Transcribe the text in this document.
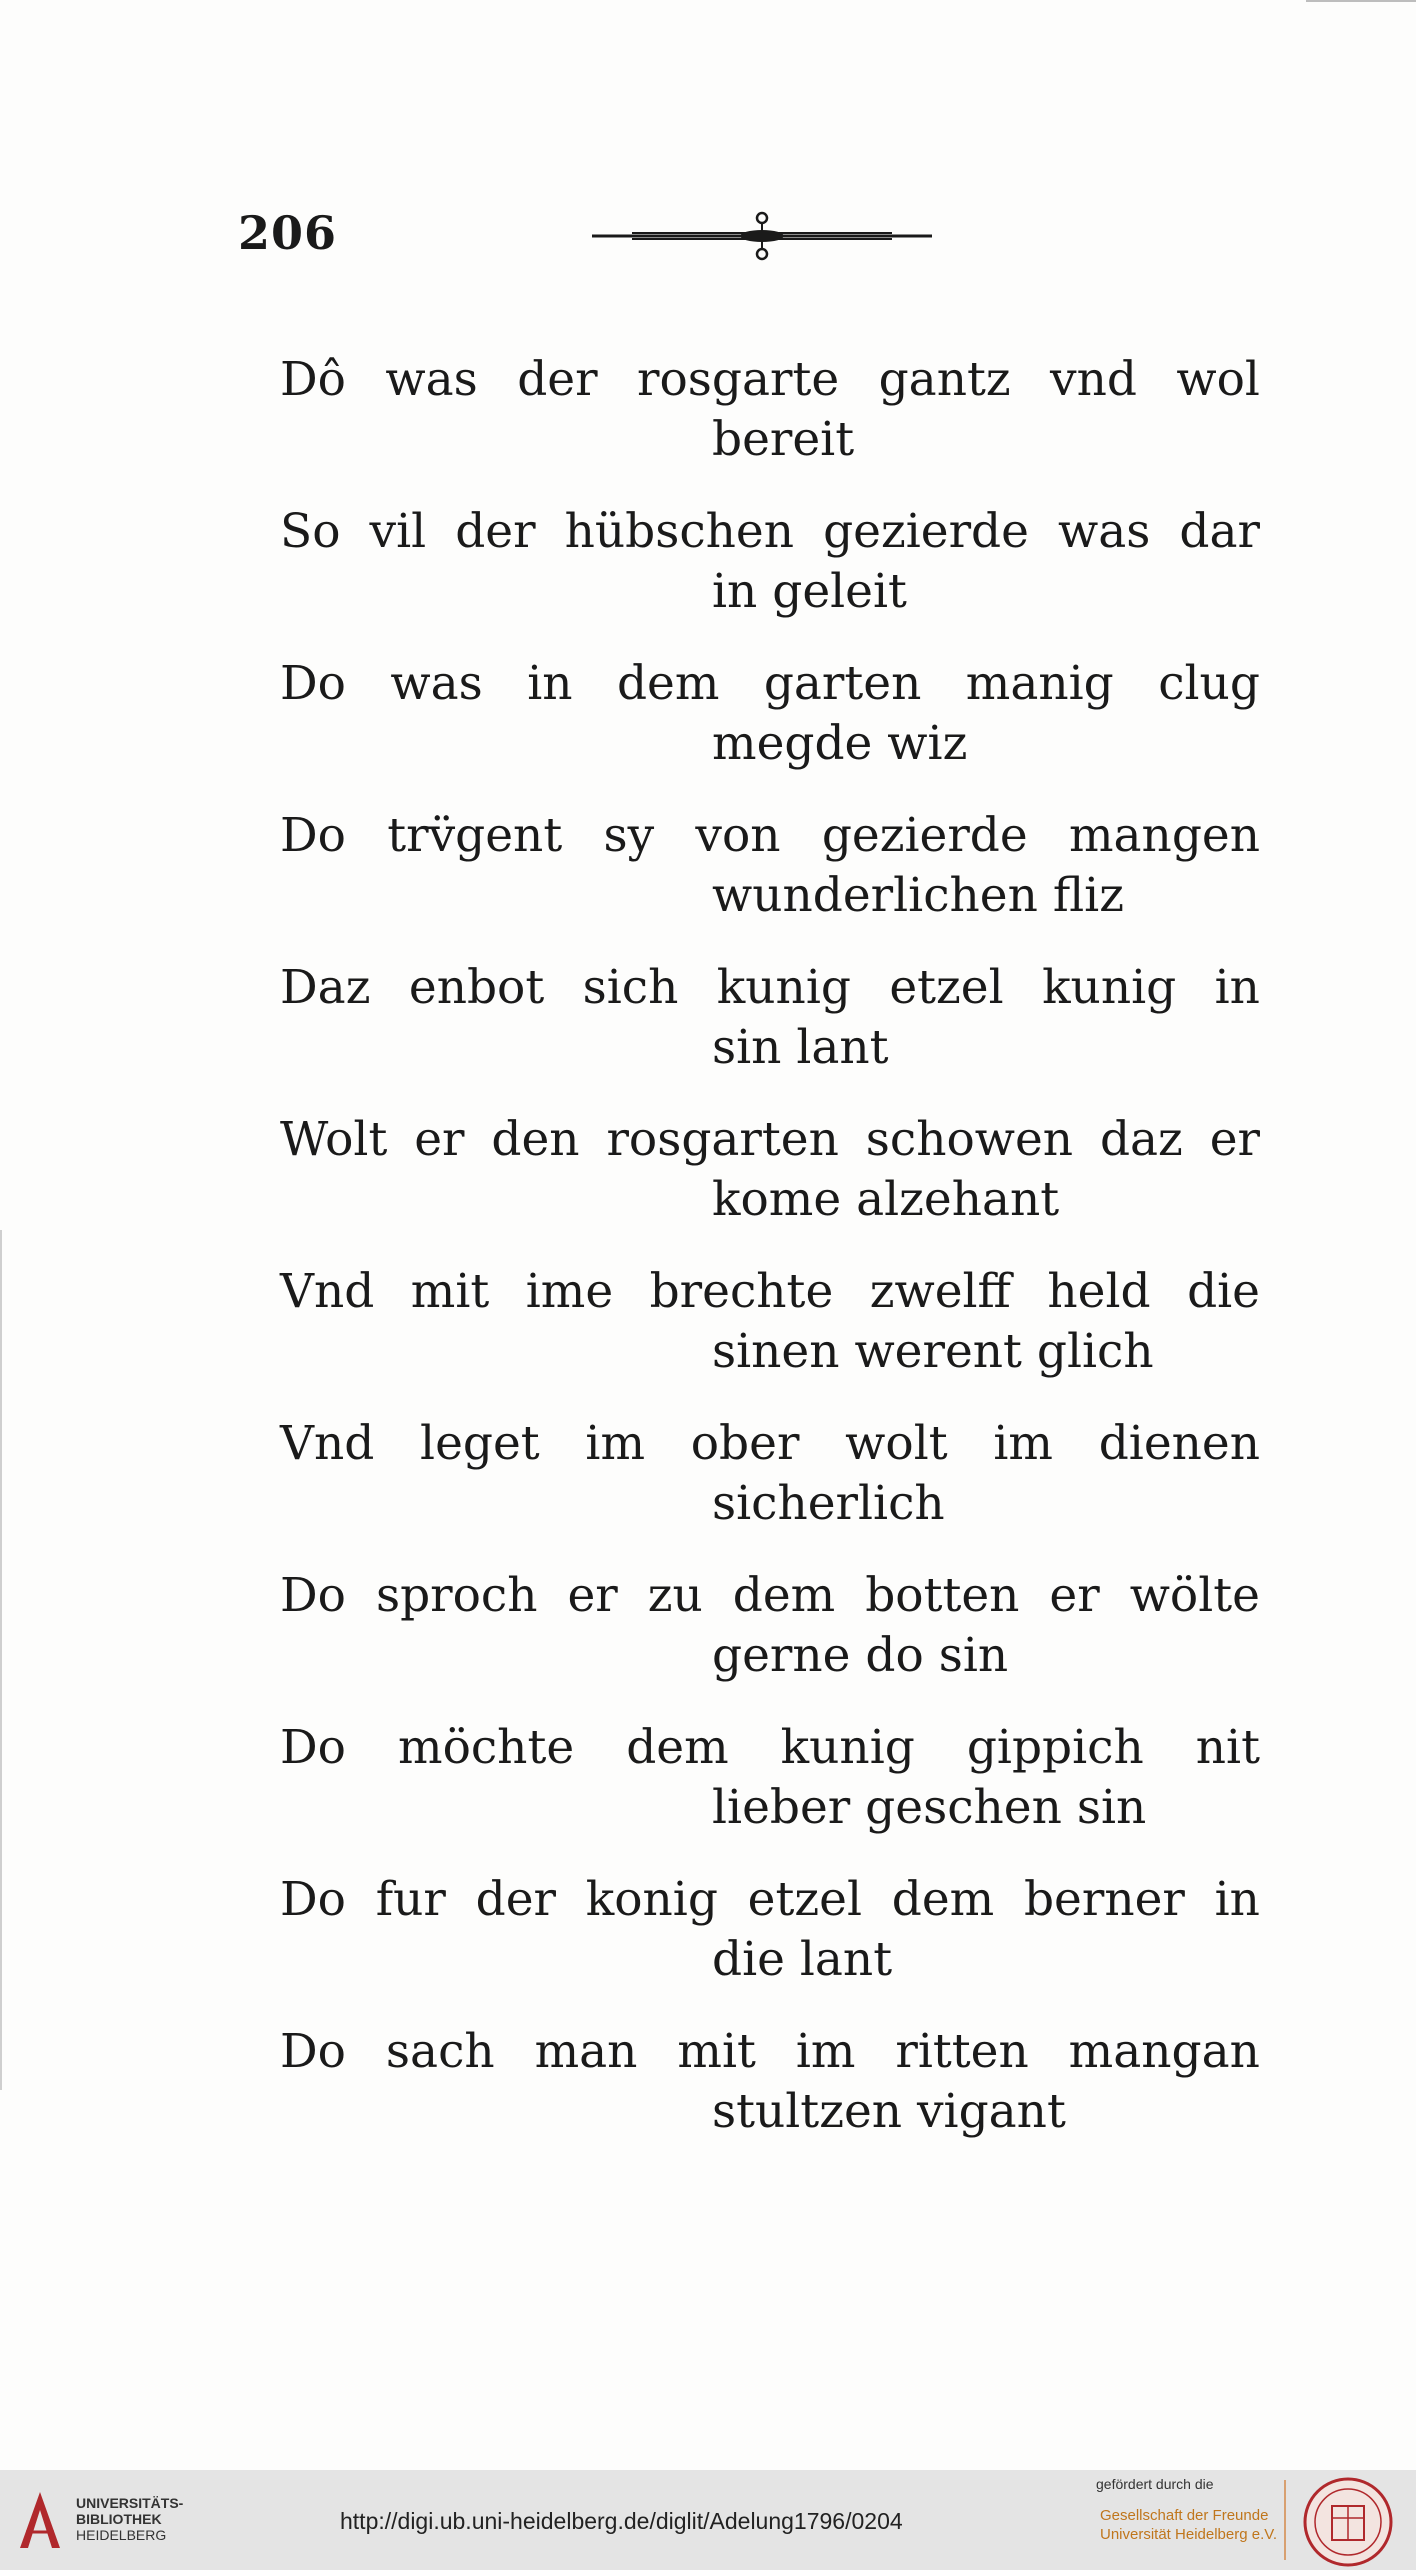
206
Dô was der rosgarte gantz vnd wol
bereit
So vil der hübschen gezierde was dar
in geleit
Do was in dem garten manig clug
megde wiz
Do trv̈gent sy von gezierde mangen
wunderlichen fliz
Daz enbot sich kunig etzel kunig in
sin lant
Wolt er den rosgarten schowen daz er
kome alzehant
Vnd mit ime brechte zwelff held die
sinen werent glich
Vnd leget im ober wolt im dienen
sicherlich
Do sproch er zu dem botten er wölte
gerne do sin
Do möchte dem kunig gippich nit
lieber geschen sin
Do fur der konig etzel dem berner in
die lant
Do sach man mit im ritten mangan
stultzen vigant
UNIVERSITÄTS-
BIBLIOTHEK
HEIDELBERG
http://digi.ub.uni-heidelberg.de/diglit/Adelung1796/0204
gefördert durch die
Gesellschaft der Freunde
Universität Heidelberg e.V.
